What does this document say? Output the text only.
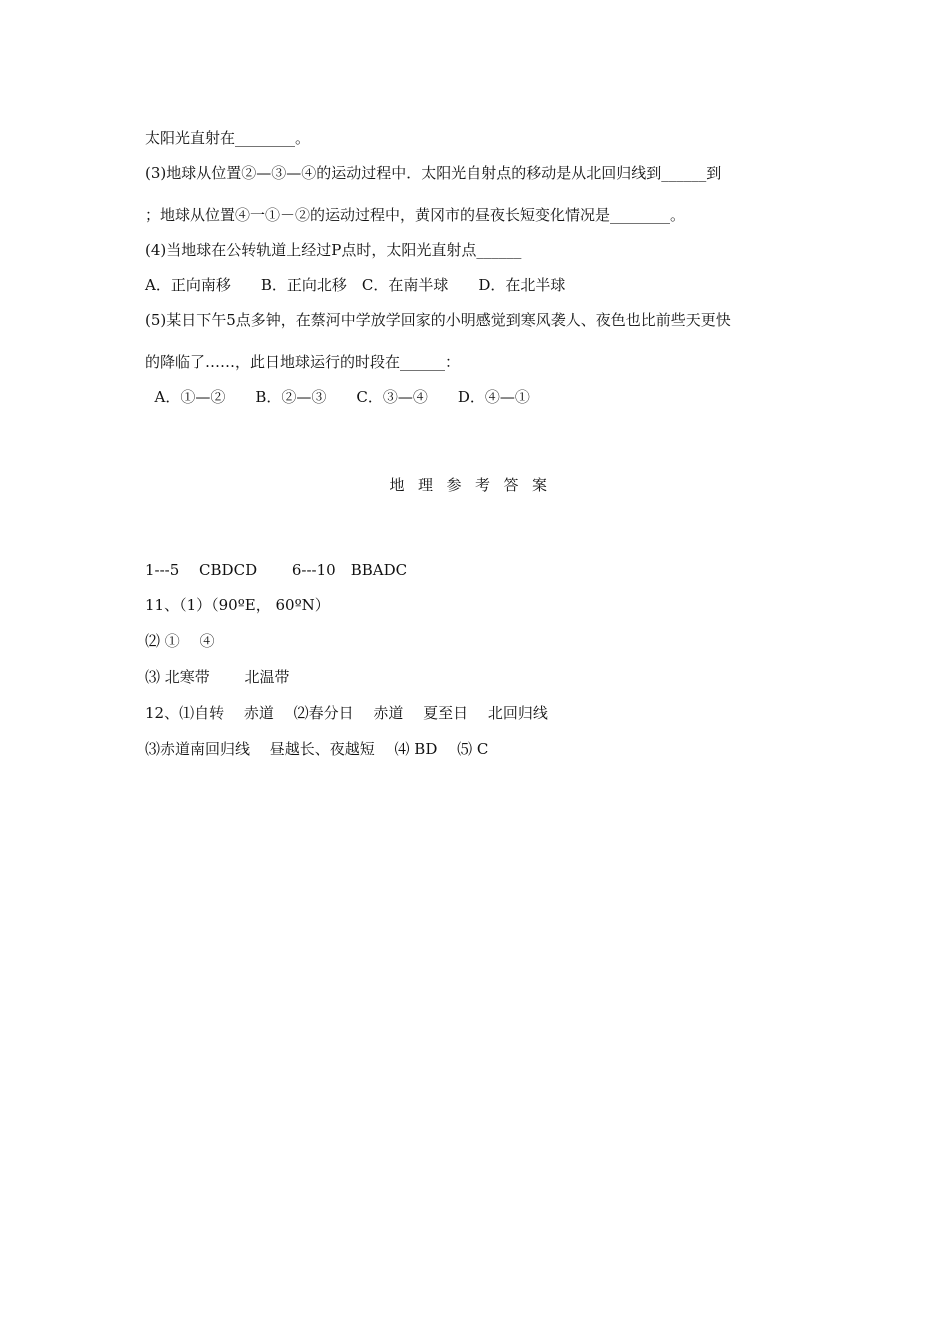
太阳光直射在________。
(3)地球从位置②—③—④的运动过程中．太阳光自射点的移动是从北回归线到______到
；地球从位置④一①－②的运动过程中，黄冈市的昼夜长短变化情况是________。
(4)当地球在公转轨道上经过P点时，太阳光直射点______
A．正向南移　　B．正向北移　C．在南半球　　D．在北半球
(5)某日下午5点多钟，在蔡河中学放学回家的小明感觉到寒风袭人、夜色也比前些天更快
的降临了……，此日地球运行的时段在______：
A．①—②　　B．②—③　　C．③—④　　D．④—①
地理参考答案
1---5　 CBDCD　　 6---10　BBADC
11、（1）（90ºE， 60ºN）
⑵ ①　 ④
⑶ 北寒带　　 北温带
12、⑴自转　 赤道　 ⑵春分日　 赤道　 夏至日　 北回归线
⑶赤道南回归线　 昼越长、夜越短　 ⑷ BD　 ⑸ C
